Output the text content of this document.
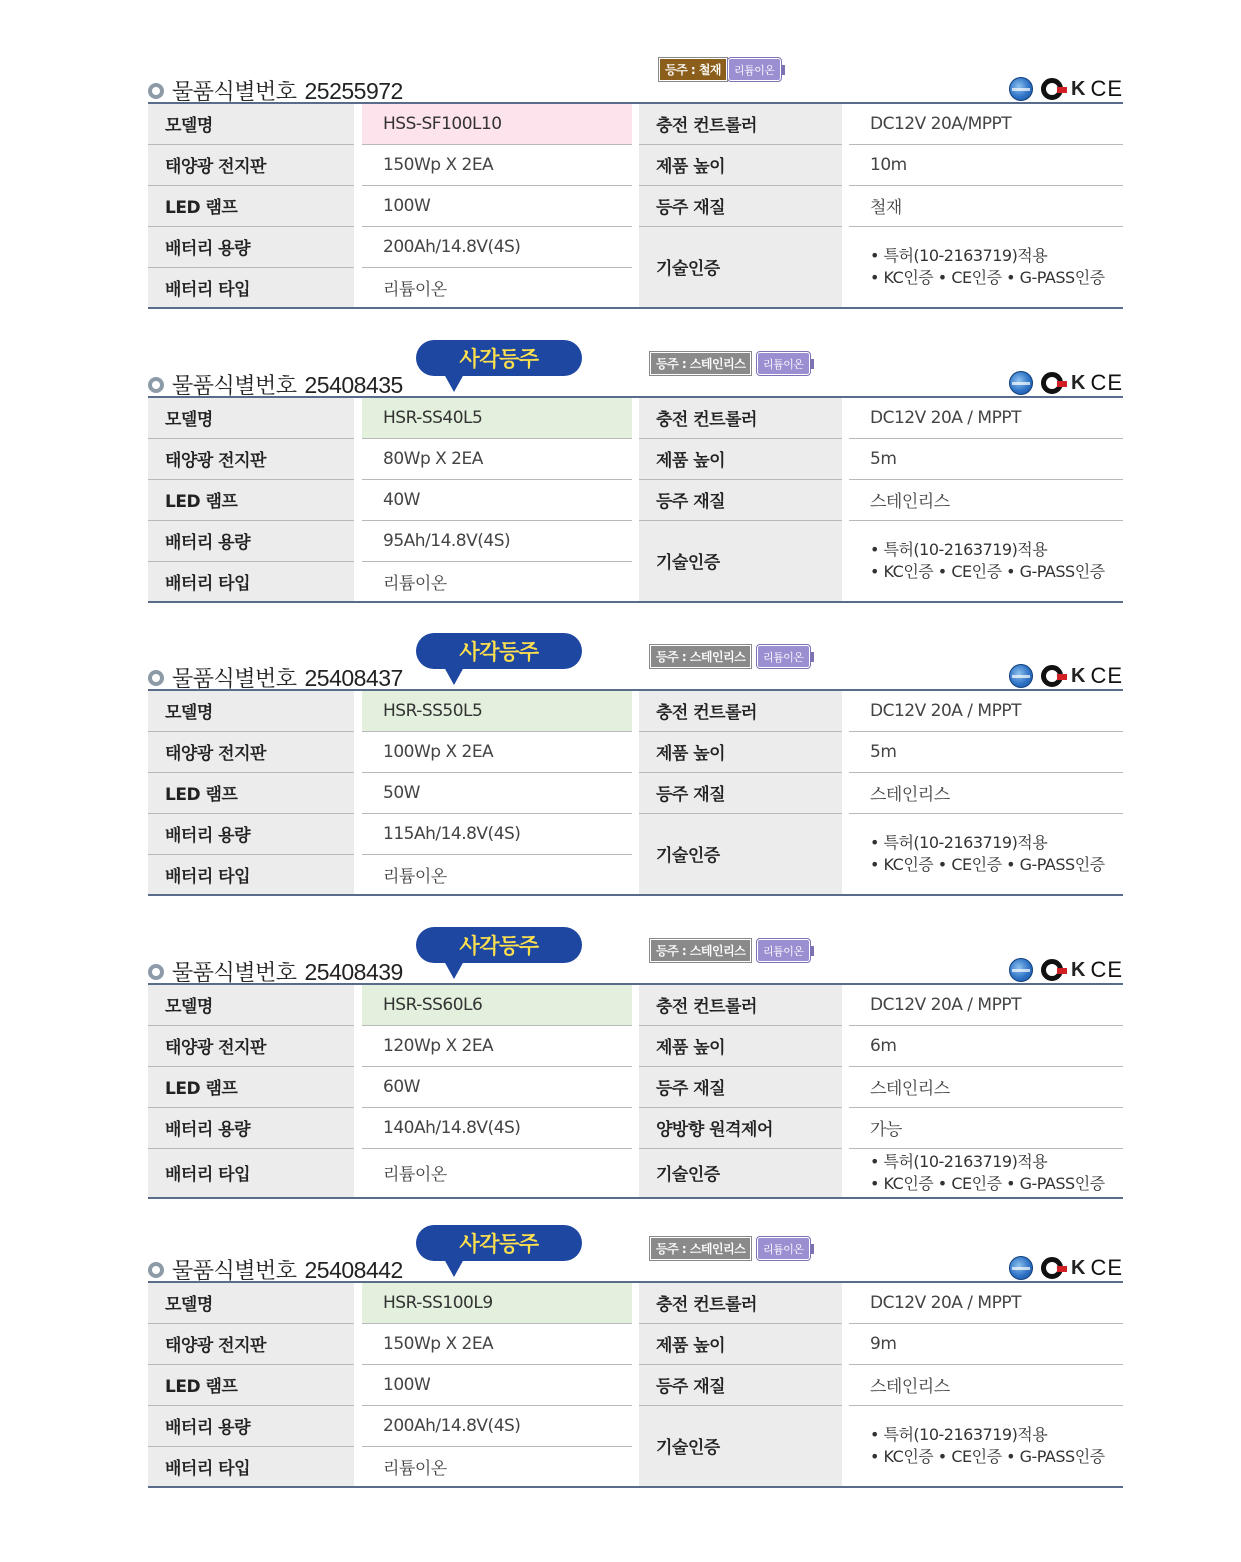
물품식별번호 25255972
등주 : 철재	리튬이온
K CE
모델명		HSS-SF100L10		충전 컨트롤러		DC12V 20A/MPPT
태양광 전지판		150Wp X 2EA		제품 높이		10m
LED 램프		100W		등주 재질		철재
배터리 용량		200Ah/14.8V(4S)		기술인증		• 특허(10-2163719)적용
• KC인증 • CE인증 • G-PASS인증

배터리 타입		리튬이온				
물품식별번호 25408435
사각등주	등주 : 스테인리스	리튬이온
K CE
모델명		HSR-SS40L5		충전 컨트롤러		DC12V 20A / MPPT
태양광 전지판		80Wp X 2EA		제품 높이		5m
LED 램프		40W		등주 재질		스테인리스
배터리 용량		95Ah/14.8V(4S)		기술인증		• 특허(10-2163719)적용
• KC인증 • CE인증 • G-PASS인증

배터리 타입		리튬이온				
물품식별번호 25408437
사각등주	등주 : 스테인리스	리튬이온
K CE
모델명		HSR-SS50L5		충전 컨트롤러		DC12V 20A / MPPT
태양광 전지판		100Wp X 2EA		제품 높이		5m
LED 램프		50W		등주 재질		스테인리스
배터리 용량		115Ah/14.8V(4S)		기술인증		• 특허(10-2163719)적용
• KC인증 • CE인증 • G-PASS인증

배터리 타입		리튬이온				
물품식별번호 25408439
사각등주	등주 : 스테인리스	리튬이온
K CE
모델명		HSR-SS60L6		충전 컨트롤러		DC12V 20A / MPPT
태양광 전지판		120Wp X 2EA		제품 높이		6m
LED 램프		60W		등주 재질		스테인리스
배터리 용량		140Ah/14.8V(4S)		양방향 원격제어		가능
배터리 타입		리튬이온		기술인증		• 특허(10-2163719)적용
• KC인증 • CE인증 • G-PASS인증
물품식별번호 25408442
사각등주	등주 : 스테인리스	리튬이온
K CE
모델명		HSR-SS100L9		충전 컨트롤러		DC12V 20A / MPPT
태양광 전지판		150Wp X 2EA		제품 높이		9m
LED 램프		100W		등주 재질		스테인리스
배터리 용량		200Ah/14.8V(4S)		기술인증		• 특허(10-2163719)적용
• KC인증 • CE인증 • G-PASS인증

배터리 타입		리튬이온				
